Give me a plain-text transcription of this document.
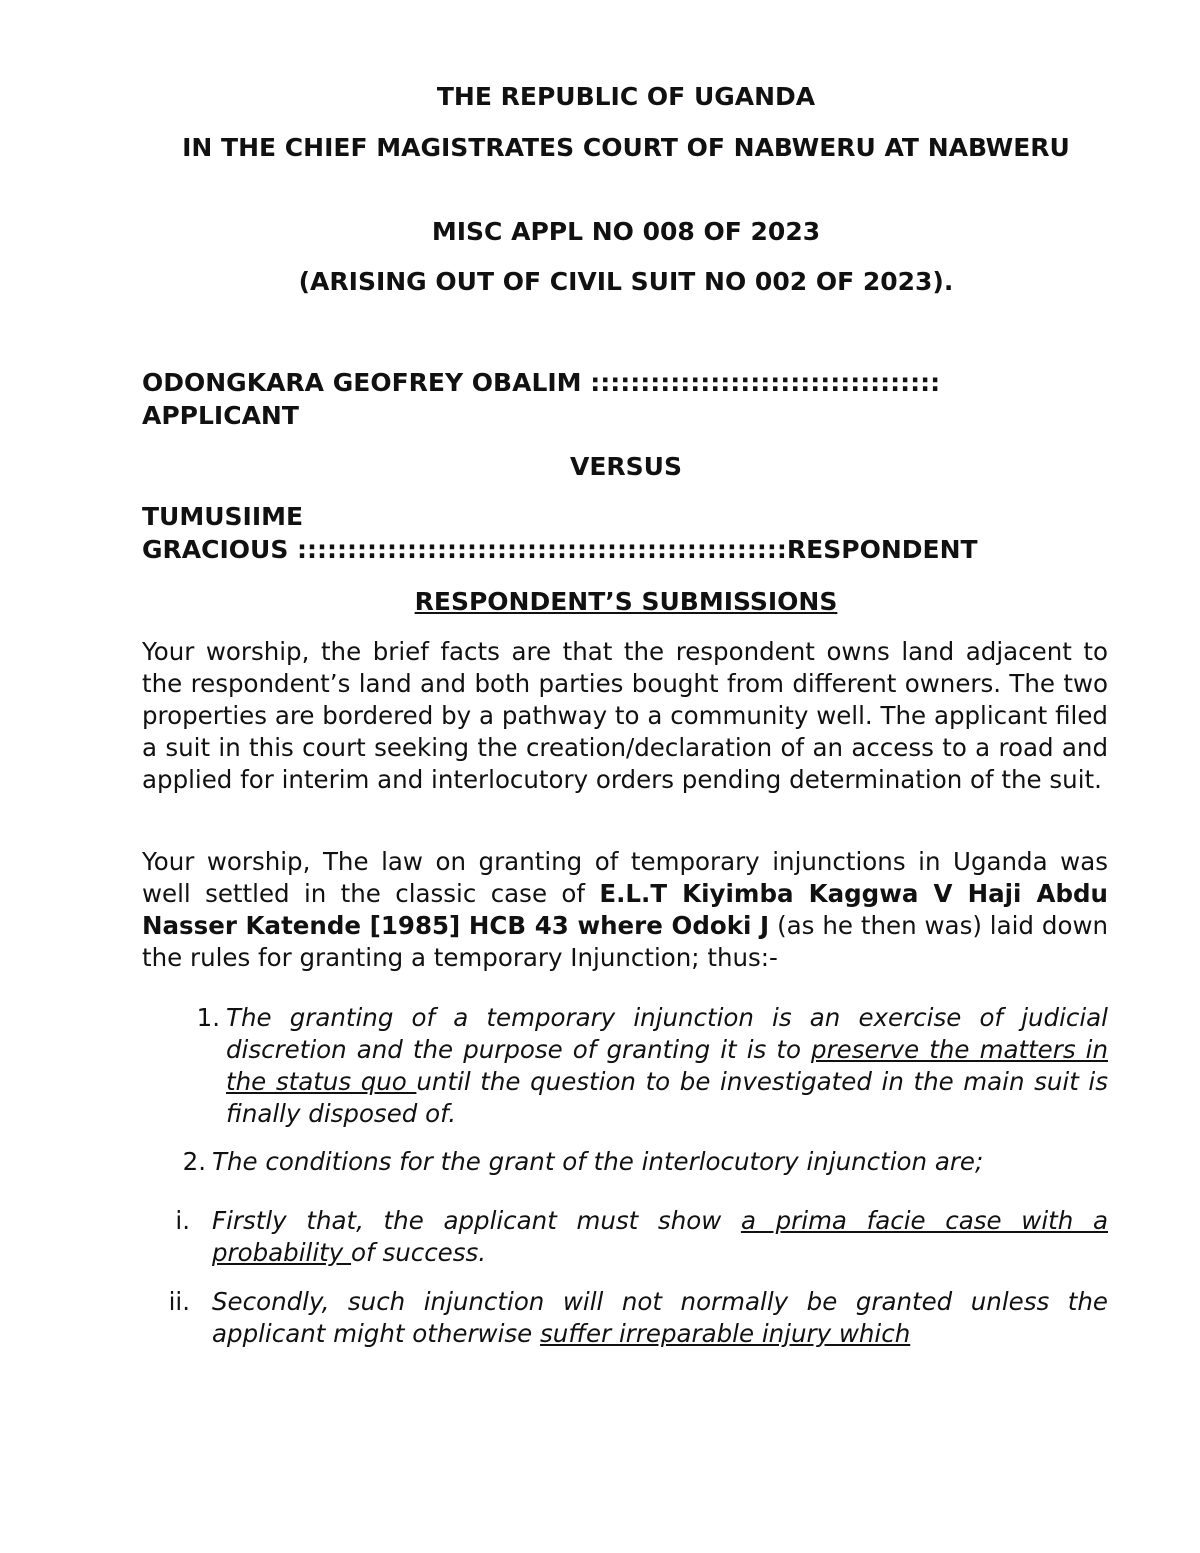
THE REPUBLIC OF UGANDA

IN THE CHIEF MAGISTRATES COURT OF NABWERU AT NABWERU

MISC APPL NO 008 OF 2023

(ARISING OUT OF CIVIL SUIT NO 002 OF 2023).

ODONGKARA GEOFREY OBALIM :::::::::::::::::::::::::::::::::::
APPLICANT

VERSUS

TUMUSIIME
GRACIOUS :::::::::::::::::::::::::::::::::::::::::::::::::RESPONDENT

RESPONDENT’S SUBMISSIONS

Your worship, the brief facts are that the respondent owns land adjacent to the respondent’s land and both parties bought from different owners. The two properties are bordered by a pathway to a community well. The applicant filed a suit in this court seeking the creation/declaration of an access to a road and applied for interim and interlocutory orders pending determination of the suit.

Your worship, The law on granting of temporary injunctions in Uganda was well settled in the classic case of E.L.T Kiyimba Kaggwa V Haji Abdu Nasser Katende [1985] HCB 43 where Odoki J (as he then was) laid down the rules for granting a temporary Injunction; thus:-

1. The granting of a temporary injunction is an exercise of judicial discretion and the purpose of granting it is to preserve the matters in the status quo until the question to be investigated in the main suit is finally disposed of.

2. The conditions for the grant of the interlocutory injunction are;

i. Firstly that, the applicant must show a prima facie case with a probability of success.

ii. Secondly, such injunction will not normally be granted unless the applicant might otherwise suffer irreparable injury which
